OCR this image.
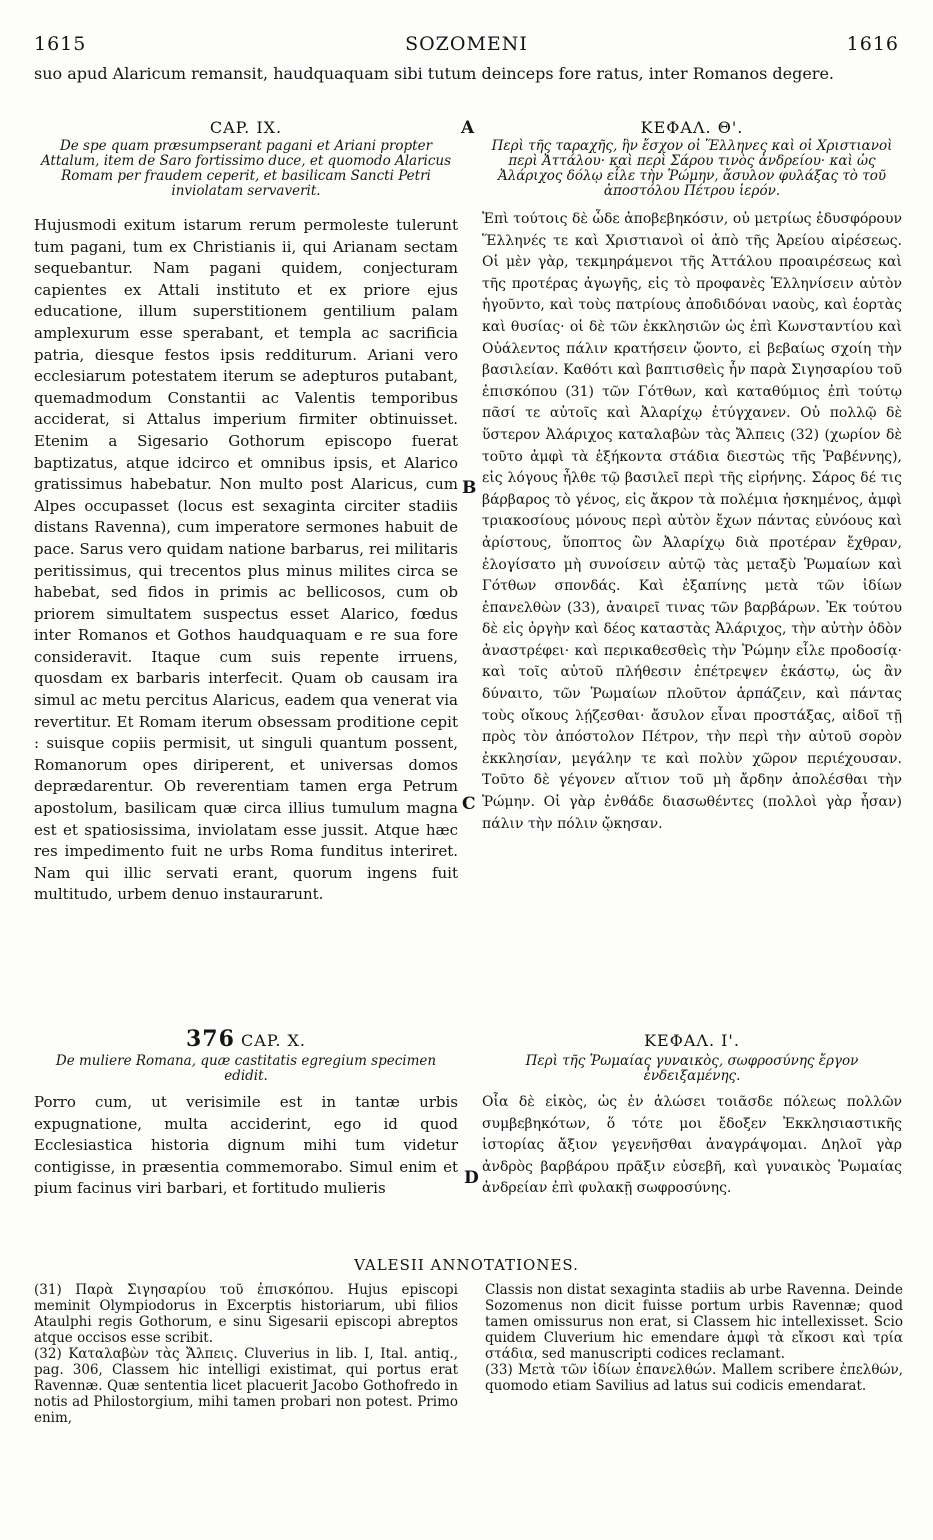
1615	SOZOMENI	1616
suo apud Alaricum remansit, haudquaquam sibi tutum deinceps fore ratus, inter Romanos degere.
A
B
C
D
CAP. IX.
De spe quam præsumpserant pagani et Ariani propter Attalum, item de Saro fortissimo duce, et quomodo Alaricus Romam per fraudem ceperit, et basilicam Sancti Petri inviolatam servaverit.
Hujusmodi exitum istarum rerum permoleste tulerunt tum pagani, tum ex Christianis ii, qui Arianam sectam sequebantur. Nam pagani quidem, conjecturam capientes ex Attali instituto et ex priore ejus educatione, illum superstitionem gentilium palam amplexurum esse sperabant, et templa ac sacrificia patria, diesque festos ipsis redditurum. Ariani vero ecclesiarum potestatem iterum se adepturos putabant, quemadmodum Constantii ac Valentis temporibus acciderat, si Attalus imperium firmiter obtinuisset. Etenim a Sigesario Gothorum episcopo fuerat baptizatus, atque idcirco et omnibus ipsis, et Alarico gratissimus habebatur. Non multo post Alaricus, cum Alpes occupasset (locus est sexaginta circiter stadiis distans Ravenna), cum imperatore sermones habuit de pace. Sarus vero quidam natione barbarus, rei militaris peritissimus, qui trecentos plus minus milites circa se habebat, sed fidos in primis ac bellicosos, cum ob priorem simultatem suspectus esset Alarico, fœdus inter Romanos et Gothos haudquaquam e re sua fore consideravit. Itaque cum suis repente irruens, quosdam ex barbaris interfecit. Quam ob causam ira simul ac metu percitus Alaricus, eadem qua venerat via revertitur. Et Romam iterum obsessam proditione cepit : suisque copiis permisit, ut singuli quantum possent, Romanorum opes diriperent, et universas domos deprædarentur. Ob reverentiam tamen erga Petrum apostolum, basilicam quæ circa illius tumulum magna est et spatiosissima, inviolatam esse jussit. Atque hæc res impedimento fuit ne urbs Roma funditus interiret. Nam qui illic servati erant, quorum ingens fuit multitudo, urbem denuo instaurarunt.
ΚΕΦΑΛ. Θ'.
Περὶ τῆς ταραχῆς, ἣν ἔσχον οἱ Ἕλληνες καὶ οἱ Χριστιανοὶ περὶ Ἀττάλου· καὶ περὶ Σάρου τινὸς ἀνδρείου· καὶ ὡς Ἀλάριχος δόλῳ εἷλε τὴν Ῥώμην, ἄσυλον φυλάξας τὸ τοῦ ἀποστόλου Πέτρου ἱερόν.
Ἐπὶ τούτοις δὲ ὧδε ἀποβεβηκόσιν, οὐ μετρίως ἐδυσφόρουν Ἕλληνές τε καὶ Χριστιανοὶ οἱ ἀπὸ τῆς Ἀρείου αἱρέσεως. Οἱ μὲν γὰρ, τεκμηράμενοι τῆς Ἀττάλου προαιρέσεως καὶ τῆς προτέρας ἀγωγῆς, εἰς τὸ προφανὲς Ἑλληνίσειν αὐτὸν ἡγοῦντο, καὶ τοὺς πατρίους ἀποδιδόναι ναοὺς, καὶ ἑορτὰς καὶ θυσίας· οἱ δὲ τῶν ἐκκλησιῶν ὡς ἐπὶ Κωνσταντίου καὶ Οὐάλεντος πάλιν κρατήσειν ᾤοντο, εἰ βεβαίως σχοίη τὴν βασιλείαν. Καθότι καὶ βαπτισθεὶς ἦν παρὰ Σιγησαρίου τοῦ ἐπισκόπου (31) τῶν Γότθων, καὶ καταθύμιος ἐπὶ τούτῳ πᾶσί τε αὐτοῖς καὶ Ἀλαρίχῳ ἐτύγχανεν. Οὐ πολλῷ δὲ ὕστερον Ἀλάριχος καταλαβὼν τὰς Ἄλπεις (32) (χωρίον δὲ τοῦτο ἀμφὶ τὰ ἑξήκοντα στάδια διεστὼς τῆς Ῥαβέννης), εἰς λόγους ἦλθε τῷ βασιλεῖ περὶ τῆς εἰρήνης. Σάρος δέ τις βάρβαρος τὸ γένος, εἰς ἄκρον τὰ πολέμια ἠσκημένος, ἀμφὶ τριακοσίους μόνους περὶ αὐτὸν ἔχων πάντας εὐνόους καὶ ἀρίστους, ὕποπτος ὢν Ἀλαρίχῳ διὰ προτέραν ἔχθραν, ἐλογίσατο μὴ συνοίσειν αὐτῷ τὰς μεταξὺ Ῥωμαίων καὶ Γότθων σπονδάς. Καὶ ἐξαπίνης μετὰ τῶν ἰδίων ἐπανελθὼν (33), ἀναιρεῖ τινας τῶν βαρβάρων. Ἐκ τούτου δὲ εἰς ὀργὴν καὶ δέος καταστὰς Ἀλάριχος, τὴν αὐτὴν ὁδὸν ἀναστρέφει· καὶ περικαθεσθεὶς τὴν Ῥώμην εἷλε προδοσίᾳ· καὶ τοῖς αὐτοῦ πλήθεσιν ἐπέτρεψεν ἑκάστῳ, ὡς ἂν δύναιτο, τῶν Ῥωμαίων πλοῦτον ἁρπάζειν, καὶ πάντας τοὺς οἴκους λῄζεσθαι· ἄσυλον εἶναι προστάξας, αἰδοῖ τῇ πρὸς τὸν ἀπόστολον Πέτρον, τὴν περὶ τὴν αὐτοῦ σορὸν ἐκκλησίαν, μεγάλην τε καὶ πολὺν χῶρον περιέχουσαν. Τοῦτο δὲ γέγονεν αἴτιον τοῦ μὴ ἄρδην ἀπολέσθαι τὴν Ῥώμην. Οἱ γὰρ ἐνθάδε διασωθέντες (πολλοὶ γὰρ ἦσαν) πάλιν τὴν πόλιν ᾤκησαν.
376 CAP. X.
De muliere Romana, quæ castitatis egregium specimen edidit.
Porro cum, ut verisimile est in tantæ urbis expugnatione, multa acciderint, ego id quod Ecclesiastica historia dignum mihi tum videtur contigisse, in præsentia commemorabo. Simul enim et pium facinus viri barbari, et fortitudo mulieris
ΚΕΦΑΛ. Ι'.
Περὶ τῆς Ῥωμαίας γυναικὸς, σωφροσύνης ἔργον ἐνδειξαμένης.
Οἷα δὲ εἰκὸς, ὡς ἐν ἁλώσει τοιᾶσδε πόλεως πολλῶν συμβεβηκότων, ὅ τότε μοι ἔδοξεν Ἐκκλησιαστικῆς ἱστορίας ἄξιον γεγενῆσθαι ἀναγράψομαι. Δηλοῖ γὰρ ἀνδρὸς βαρβάρου πρᾶξιν εὐσεβῆ, καὶ γυναικὸς Ῥωμαίας ἀνδρείαν ἐπὶ φυλακῇ σωφροσύνης.
VALESII ANNOTATIONES.

(31) Παρὰ Σιγησαρίου τοῦ ἐπισκόπου. Hujus episcopi meminit Olympiodorus in Excerptis historiarum, ubi filios Ataulphi regis Gothorum, e sinu Sigesarii episcopi abreptos atque occisos esse scribit.

(32) Καταλαβὼν τὰς Ἄλπεις. Cluverius in lib. I, Ital. antiq., pag. 306, Classem hic intelligi existimat, qui portus erat Ravennæ. Quæ sententia licet placuerit Jacobo Gothofredo in notis ad Philostorgium, mihi tamen probari non potest. Primo enim,

Classis non distat sexaginta stadiis ab urbe Ravenna. Deinde Sozomenus non dicit fuisse portum urbis Ravennæ; quod tamen omissurus non erat, si Classem hic intellexisset. Scio quidem Cluverium hic emendare ἀμφὶ τὰ εἴκοσι καὶ τρία στάδια, sed manuscripti codices reclamant.

(33) Μετὰ τῶν ἰδίων ἐπανελθών. Mallem scribere ἐπελθών, quomodo etiam Savilius ad latus sui codicis emendarat.
